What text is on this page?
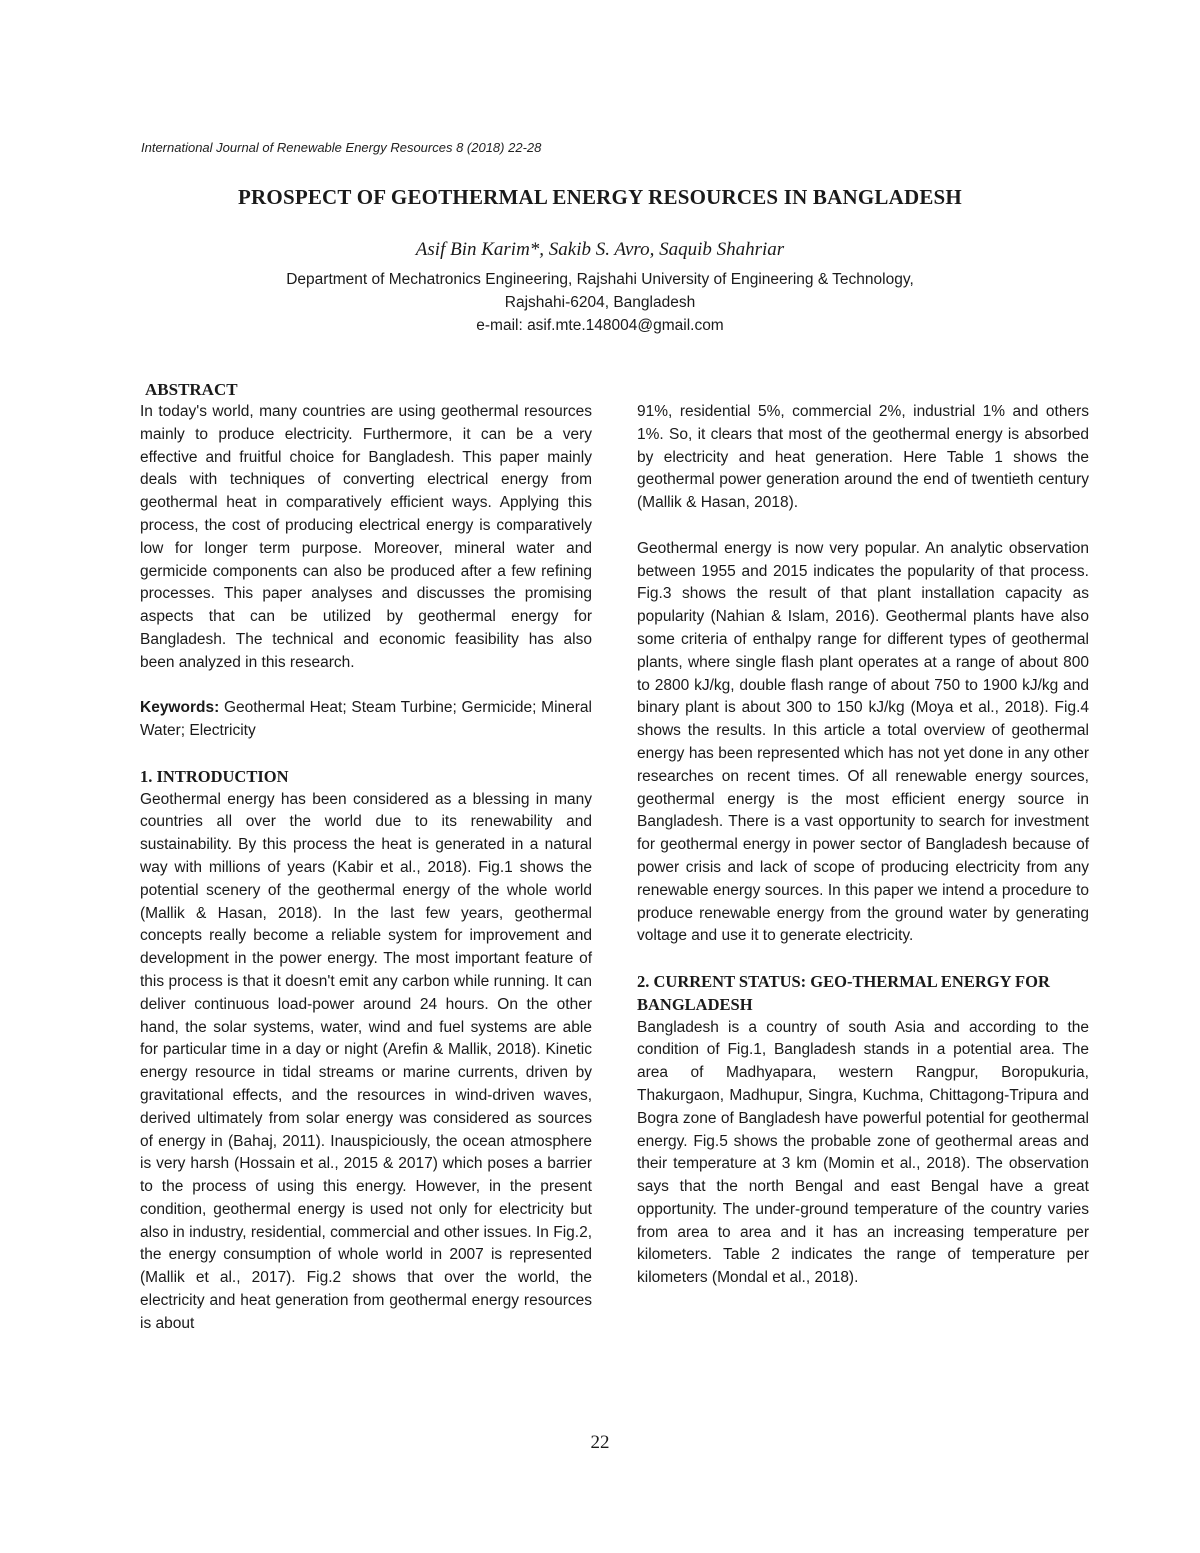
International Journal of Renewable Energy Resources 8 (2018) 22-28
PROSPECT OF GEOTHERMAL ENERGY RESOURCES IN BANGLADESH
Asif Bin Karim*, Sakib S. Avro, Saquib Shahriar
Department of Mechatronics Engineering, Rajshahi University of Engineering & Technology,
Rajshahi-6204, Bangladesh
e-mail: asif.mte.148004@gmail.com
ABSTRACT

In today's world, many countries are using geothermal resources mainly to produce electricity. Furthermore, it can be a very effective and fruitful choice for Bangladesh. This paper mainly deals with techniques of converting electrical energy from geothermal heat in comparatively efficient ways. Applying this process, the cost of producing electrical energy is comparatively low for longer term purpose. Moreover, mineral water and germicide components can also be produced after a few refining processes. This paper analyses and discusses the promising aspects that can be utilized by geothermal energy for Bangladesh. The technical and economic feasibility has also been analyzed in this research.

Keywords: Geothermal Heat; Steam Turbine; Germicide; Mineral Water; Electricity

1. INTRODUCTION

Geothermal energy has been considered as a blessing in many countries all over the world due to its renewability and sustainability. By this process the heat is generated in a natural way with millions of years (Kabir et al., 2018). Fig.1 shows the potential scenery of the geothermal energy of the whole world (Mallik & Hasan, 2018). In the last few years, geothermal concepts really become a reliable system for improvement and development in the power energy. The most important feature of this process is that it doesn't emit any carbon while running. It can deliver continuous load-power around 24 hours. On the other hand, the solar systems, water, wind and fuel systems are able for particular time in a day or night (Arefin & Mallik, 2018). Kinetic energy resource in tidal streams or marine currents, driven by gravitational effects, and the resources in wind-driven waves, derived ultimately from solar energy was considered as sources of energy in (Bahaj, 2011). Inauspiciously, the ocean atmosphere is very harsh (Hossain et al., 2015 & 2017) which poses a barrier to the process of using this energy. However, in the present condition, geothermal energy is used not only for electricity but also in industry, residential, commercial and other issues. In Fig.2, the energy consumption of whole world in 2007 is represented (Mallik et al., 2017). Fig.2 shows that over the world, the electricity and heat generation from geothermal energy resources is about

91%, residential 5%, commercial 2%, industrial 1% and others 1%. So, it clears that most of the geothermal energy is absorbed by electricity and heat generation. Here Table 1 shows the geothermal power generation around the end of twentieth century (Mallik & Hasan, 2018).

Geothermal energy is now very popular. An analytic observation between 1955 and 2015 indicates the popularity of that process. Fig.3 shows the result of that plant installation capacity as popularity (Nahian & Islam, 2016). Geothermal plants have also some criteria of enthalpy range for different types of geothermal plants, where single flash plant operates at a range of about 800 to 2800 kJ/kg, double flash range of about 750 to 1900 kJ/kg and binary plant is about 300 to 150 kJ/kg (Moya et al., 2018). Fig.4 shows the results. In this article a total overview of geothermal energy has been represented which has not yet done in any other researches on recent times. Of all renewable energy sources, geothermal energy is the most efficient energy source in Bangladesh. There is a vast opportunity to search for investment for geothermal energy in power sector of Bangladesh because of power crisis and lack of scope of producing electricity from any renewable energy sources. In this paper we intend a procedure to produce renewable energy from the ground water by generating voltage and use it to generate electricity.

2. CURRENT STATUS: GEO-THERMAL ENERGY FOR BANGLADESH

Bangladesh is a country of south Asia and according to the condition of Fig.1, Bangladesh stands in a potential area. The area of Madhyapara, western Rangpur, Boropukuria, Thakurgaon, Madhupur, Singra, Kuchma, Chittagong-Tripura and Bogra zone of Bangladesh have powerful potential for geothermal energy. Fig.5 shows the probable zone of geothermal areas and their temperature at 3 km (Momin et al., 2018). The observation says that the north Bengal and east Bengal have a great opportunity. The under-ground temperature of the country varies from area to area and it has an increasing temperature per kilometers. Table 2 indicates the range of temperature per kilometers (Mondal et al., 2018).

22
